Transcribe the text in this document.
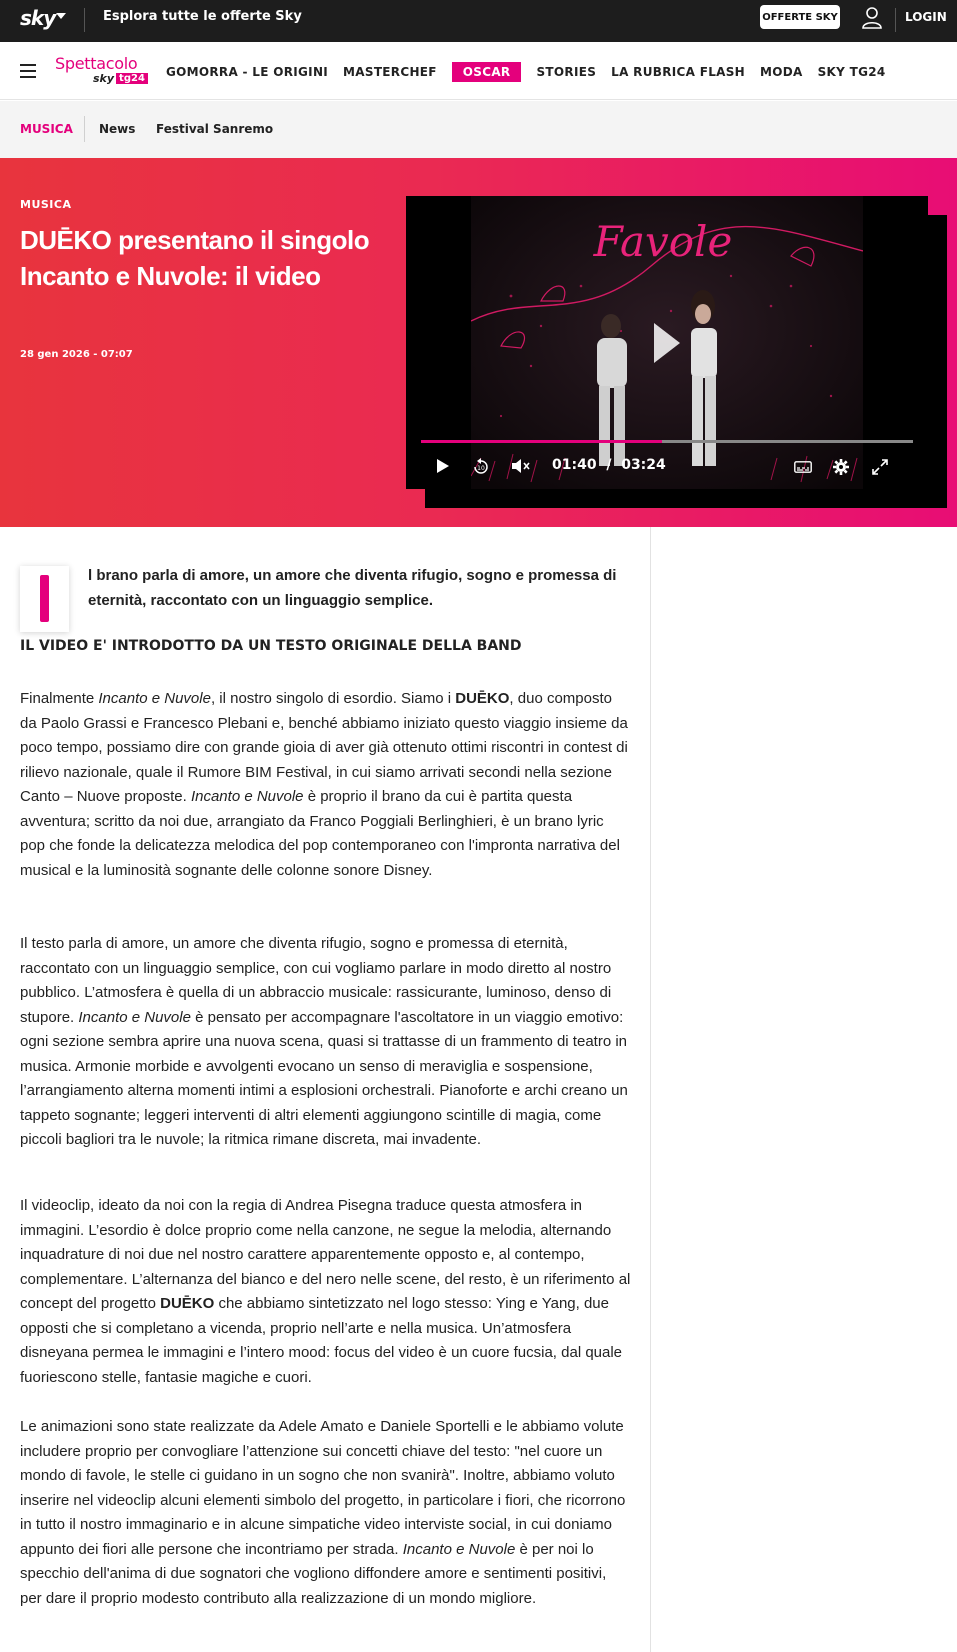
sky	Esplora tutte le offerte Sky	OFFERTE SKY	LOGIN
Spettacolo
sky tg24 GOMORRA - LE ORIGINI MASTERCHEF	OSCAR	STORIES LA RUBRICA FLASH MODA SKY TG24
MUSICA News Festival Sanremo
MUSICA
DUĒKO presentano il singolo Incanto e Nuvole: il video
28 gen 2026 - 07:07
Favole
10	01:40 / 03:24

l brano parla di amore, un amore che diventa rifugio, sogno e promessa di eternità, raccontato con un linguaggio semplice.

IL VIDEO E' INTRODOTTO DA UN TESTO ORIGINALE DELLA BAND

Finalmente Incanto e Nuvole, il nostro singolo di esordio. Siamo i DUĒKO, duo composto da Paolo Grassi e Francesco Plebani e, benché abbiamo iniziato questo viaggio insieme da poco tempo, possiamo dire con grande gioia di aver già ottenuto ottimi riscontri in contest di rilievo nazionale, quale il Rumore BIM Festival, in cui siamo arrivati secondi nella sezione Canto – Nuove proposte. Incanto e Nuvole è proprio il brano da cui è partita questa avventura; scritto da noi due, arrangiato da Franco Poggiali Berlinghieri, è un brano lyric pop che fonde la delicatezza melodica del pop contemporaneo con l'impronta narrativa del musical e la luminosità sognante delle colonne sonore Disney.

Il testo parla di amore, un amore che diventa rifugio, sogno e promessa di eternità, raccontato con un linguaggio semplice, con cui vogliamo parlare in modo diretto al nostro pubblico. L’atmosfera è quella di un abbraccio musicale: rassicurante, luminoso, denso di stupore. Incanto e Nuvole è pensato per accompagnare l'ascoltatore in un viaggio emotivo: ogni sezione sembra aprire una nuova scena, quasi si trattasse di un frammento di teatro in musica. Armonie morbide e avvolgenti evocano un senso di meraviglia e sospensione, l’arrangiamento alterna momenti intimi a esplosioni orchestrali. Pianoforte e archi creano un tappeto sognante; leggeri interventi di altri elementi aggiungono scintille di magia, come piccoli bagliori tra le nuvole; la ritmica rimane discreta, mai invadente.

Il videoclip, ideato da noi con la regia di Andrea Pisegna traduce questa atmosfera in immagini. L’esordio è dolce proprio come nella canzone, ne segue la melodia, alternando inquadrature di noi due nel nostro carattere apparentemente opposto e, al contempo, complementare. L’alternanza del bianco e del nero nelle scene, del resto, è un riferimento al concept del progetto DUĒKO che abbiamo sintetizzato nel logo stesso: Ying e Yang, due opposti che si completano a vicenda, proprio nell’arte e nella musica. Un’atmosfera disneyana permea le immagini e l’intero mood: focus del video è un cuore fucsia, dal quale fuoriescono stelle, fantasie magiche e cuori.

Le animazioni sono state realizzate da Adele Amato e Daniele Sportelli e le abbiamo volute includere proprio per convogliare l’attenzione sui concetti chiave del testo: "nel cuore un mondo di favole, le stelle ci guidano in un sogno che non svanirà". Inoltre, abbiamo voluto inserire nel videoclip alcuni elementi simbolo del progetto, in particolare i fiori, che ricorrono in tutto il nostro immaginario e in alcune simpatiche video interviste social, in cui doniamo appunto dei fiori alle persone che incontriamo per strada. Incanto e Nuvole è per noi lo specchio dell'anima di due sognatori che vogliono diffondere amore e sentimenti positivi, per dare il proprio modesto contributo alla realizzazione di un mondo migliore.
